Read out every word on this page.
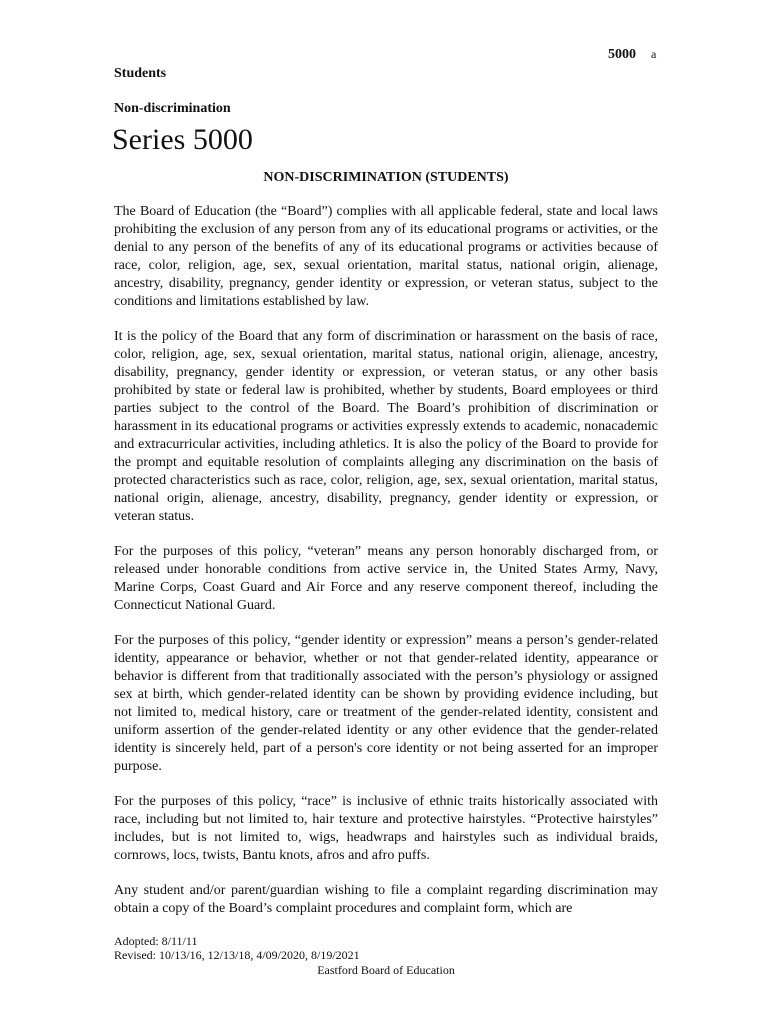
5000 a
Students
Non-discrimination
Series 5000
NON-DISCRIMINATION (STUDENTS)

The Board of Education (the “Board”) complies with all applicable federal, state and local laws prohibiting the exclusion of any person from any of its educational programs or activities, or the denial to any person of the benefits of any of its educational programs or activities because of race, color, religion, age, sex, sexual orientation, marital status, national origin, alienage, ancestry, disability, pregnancy, gender identity or expression, or veteran status, subject to the conditions and limitations established by law.

It is the policy of the Board that any form of discrimination or harassment on the basis of race, color, religion, age, sex, sexual orientation, marital status, national origin, alienage, ancestry, disability, pregnancy, gender identity or expression, or veteran status, or any other basis prohibited by state or federal law is prohibited, whether by students, Board employees or third parties subject to the control of the Board. The Board’s prohibition of discrimination or harassment in its educational programs or activities expressly extends to academic, nonacademic and extracurricular activities, including athletics. It is also the policy of the Board to provide for the prompt and equitable resolution of complaints alleging any discrimination on the basis of protected characteristics such as race, color, religion, age, sex, sexual orientation, marital status, national origin, alienage, ancestry, disability, pregnancy, gender identity or expression, or veteran status.

For the purposes of this policy, “veteran” means any person honorably discharged from, or released under honorable conditions from active service in, the United States Army, Navy, Marine Corps, Coast Guard and Air Force and any reserve component thereof, including the Connecticut National Guard.

For the purposes of this policy, “gender identity or expression” means a person’s gender-related identity, appearance or behavior, whether or not that gender-related identity, appearance or behavior is different from that traditionally associated with the person’s physiology or assigned sex at birth, which gender-related identity can be shown by providing evidence including, but not limited to, medical history, care or treatment of the gender-related identity, consistent and uniform assertion of the gender-related identity or any other evidence that the gender-related identity is sincerely held, part of a person's core identity or not being asserted for an improper purpose.

For the purposes of this policy, “race” is inclusive of ethnic traits historically associated with race, including but not limited to, hair texture and protective hairstyles. “Protective hairstyles” includes, but is not limited to, wigs, headwraps and hairstyles such as individual braids, cornrows, locs, twists, Bantu knots, afros and afro puffs.

Any student and/or parent/guardian wishing to file a complaint regarding discrimination may obtain a copy of the Board’s complaint procedures and complaint form, which are

Adopted: 8/11/11
Revised: 10/13/16, 12/13/18, 4/09/2020, 8/19/2021
Eastford Board of Education
